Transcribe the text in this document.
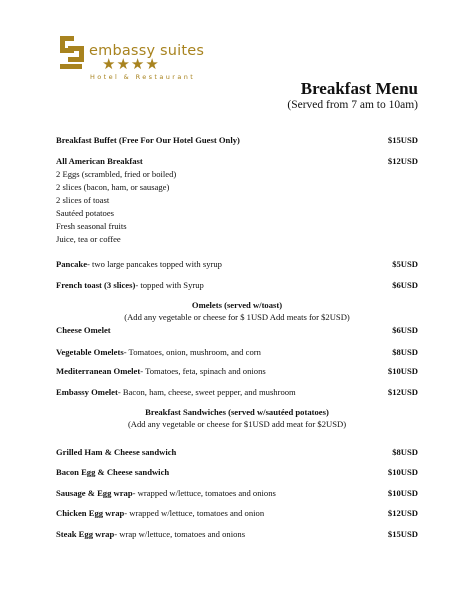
embassy suites
★★★★
Hotel & Restaurant
Breakfast Menu
(Served from 7 am to 10am)
Breakfast Buffet (Free For Our Hotel Guest Only)	$15USD
All American Breakfast	$12USD
2 Eggs (scrambled, fried or boiled)
2 slices (bacon, ham, or sausage)
2 slices of toast
Sautéed potatoes
Fresh seasonal fruits
Juice, tea or coffee
Pancake- two large pancakes topped with syrup	$5USD
French toast (3 slices)- topped with Syrup	$6USD
Omelets (served w/toast)
(Add any vegetable or cheese for $ 1USD Add meats for $2USD)
Cheese Omelet	$6USD
Vegetable Omelets- Tomatoes, onion, mushroom, and corn	$8USD
Mediterranean Omelet- Tomatoes, feta, spinach and onions	$10USD
Embassy Omelet- Bacon, ham, cheese, sweet pepper, and mushroom	$12USD
Breakfast Sandwiches (served w/sautéed potatoes)
(Add any vegetable or cheese for $1USD add meat for $2USD)
Grilled Ham & Cheese sandwich	$8USD
Bacon Egg & Cheese sandwich	$10USD
Sausage & Egg wrap- wrapped w/lettuce, tomatoes and onions	$10USD
Chicken Egg wrap- wrapped w/lettuce, tomatoes and onion	$12USD
Steak Egg wrap- wrap w/lettuce, tomatoes and onions	$15USD
